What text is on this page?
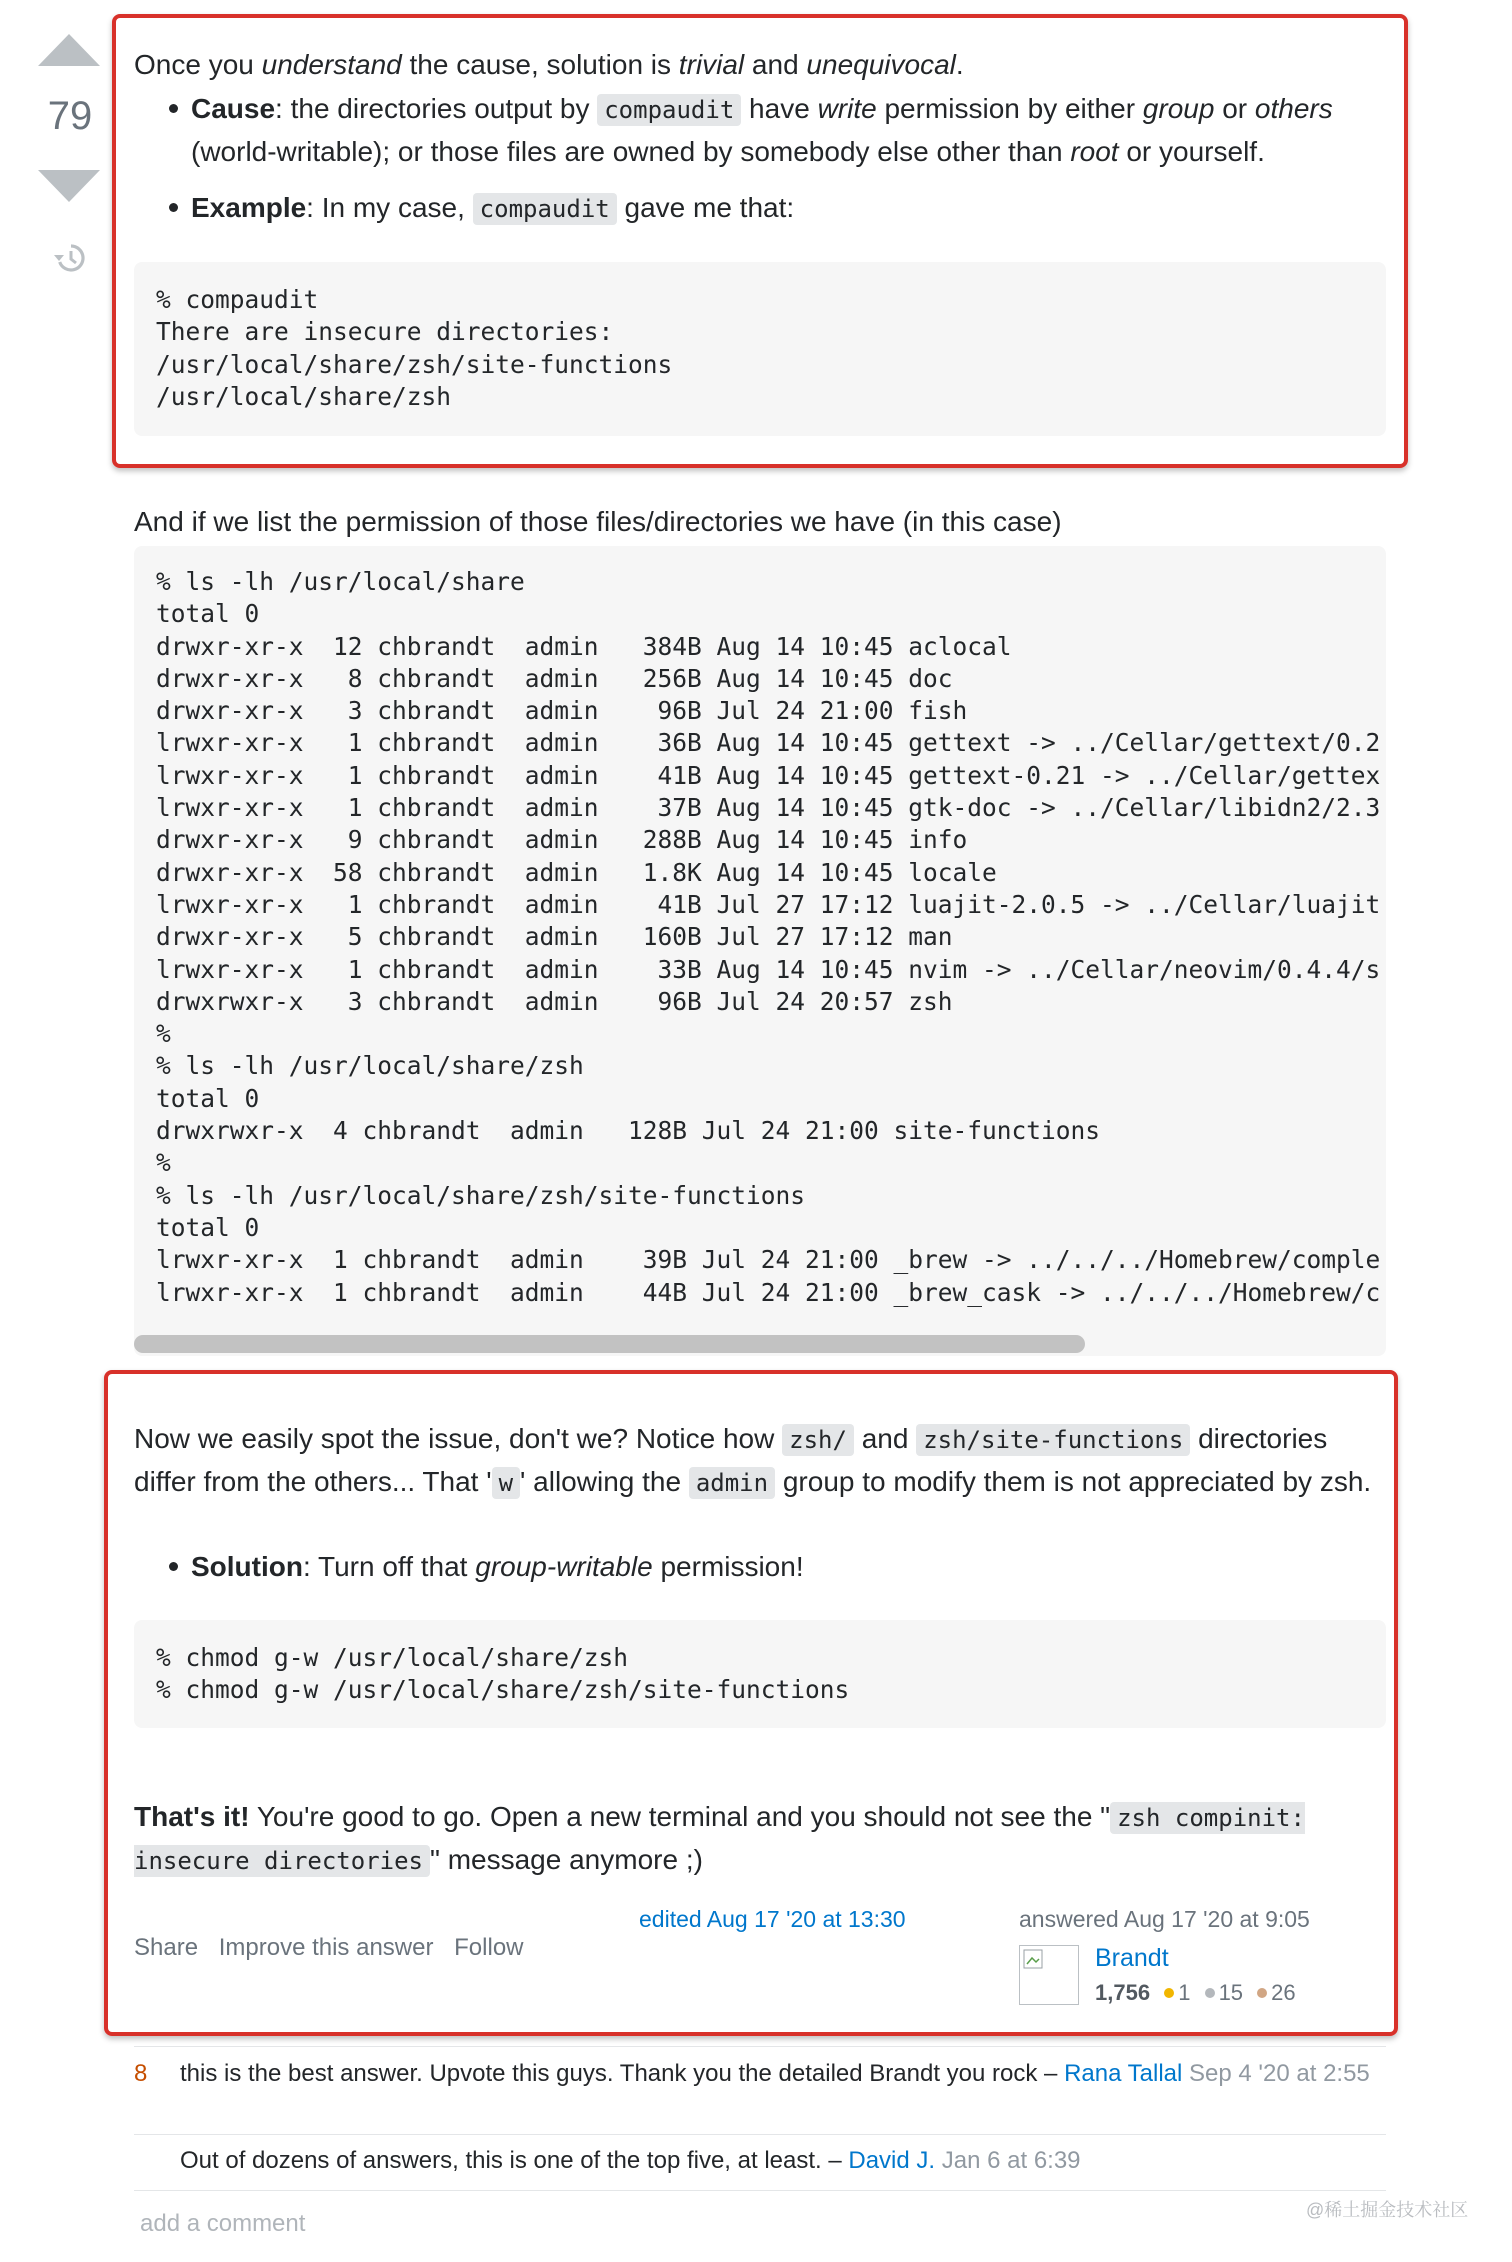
79

Once you understand the cause, solution is trivial and unequivocal.

Cause: the directories output by compaudit have write permission by either group or others (world-writable); or those files are owned by somebody else other than root or yourself.
Example: In my case, compaudit gave me that:
% compaudit
There are insecure directories:
/usr/local/share/zsh/site-functions
/usr/local/share/zsh

And if we list the permission of those files/directories we have (in this case)

% ls -lh /usr/local/share
total 0
drwxr-xr-x  12 chbrandt  admin   384B Aug 14 10:45 aclocal
drwxr-xr-x   8 chbrandt  admin   256B Aug 14 10:45 doc
drwxr-xr-x   3 chbrandt  admin    96B Jul 24 21:00 fish
lrwxr-xr-x   1 chbrandt  admin    36B Aug 14 10:45 gettext -> ../Cellar/gettext/0.2
lrwxr-xr-x   1 chbrandt  admin    41B Aug 14 10:45 gettext-0.21 -> ../Cellar/gettex
lrwxr-xr-x   1 chbrandt  admin    37B Aug 14 10:45 gtk-doc -> ../Cellar/libidn2/2.3
drwxr-xr-x   9 chbrandt  admin   288B Aug 14 10:45 info
drwxr-xr-x  58 chbrandt  admin   1.8K Aug 14 10:45 locale
lrwxr-xr-x   1 chbrandt  admin    41B Jul 27 17:12 luajit-2.0.5 -> ../Cellar/luajit
drwxr-xr-x   5 chbrandt  admin   160B Jul 27 17:12 man
lrwxr-xr-x   1 chbrandt  admin    33B Aug 14 10:45 nvim -> ../Cellar/neovim/0.4.4/s
drwxrwxr-x   3 chbrandt  admin    96B Jul 24 20:57 zsh
%
% ls -lh /usr/local/share/zsh
total 0
drwxrwxr-x  4 chbrandt  admin   128B Jul 24 21:00 site-functions
%
% ls -lh /usr/local/share/zsh/site-functions
total 0
lrwxr-xr-x  1 chbrandt  admin    39B Jul 24 21:00 _brew -> ../../../Homebrew/comple
lrwxr-xr-x  1 chbrandt  admin    44B Jul 24 21:00 _brew_cask -> ../../../Homebrew/c

Now we easily spot the issue, don't we? Notice how zsh/ and zsh/site-functions directories differ from the others... That ' w ' allowing the admin group to modify them is not appreciated by zsh.

Solution: Turn off that group-writable permission!
% chmod g-w /usr/local/share/zsh
% chmod g-w /usr/local/share/zsh/site-functions

That's it! You're good to go. Open a new terminal and you should not see the " zsh compinit: insecure directories " message anymore ;)

Share Improve this answer Follow
edited Aug 17 '20 at 13:30	answered Aug 17 '20 at 9:05
Brandt
1,756 1 15 26
8 this is the best answer. Upvote this guys. Thank you the detailed Brandt you rock – Rana Tallal Sep 4 '20 at 2:55
Out of dozens of answers, this is one of the top five, at least. – David J. Jan 6 at 6:39
add a comment	@稀土掘金技术社区
